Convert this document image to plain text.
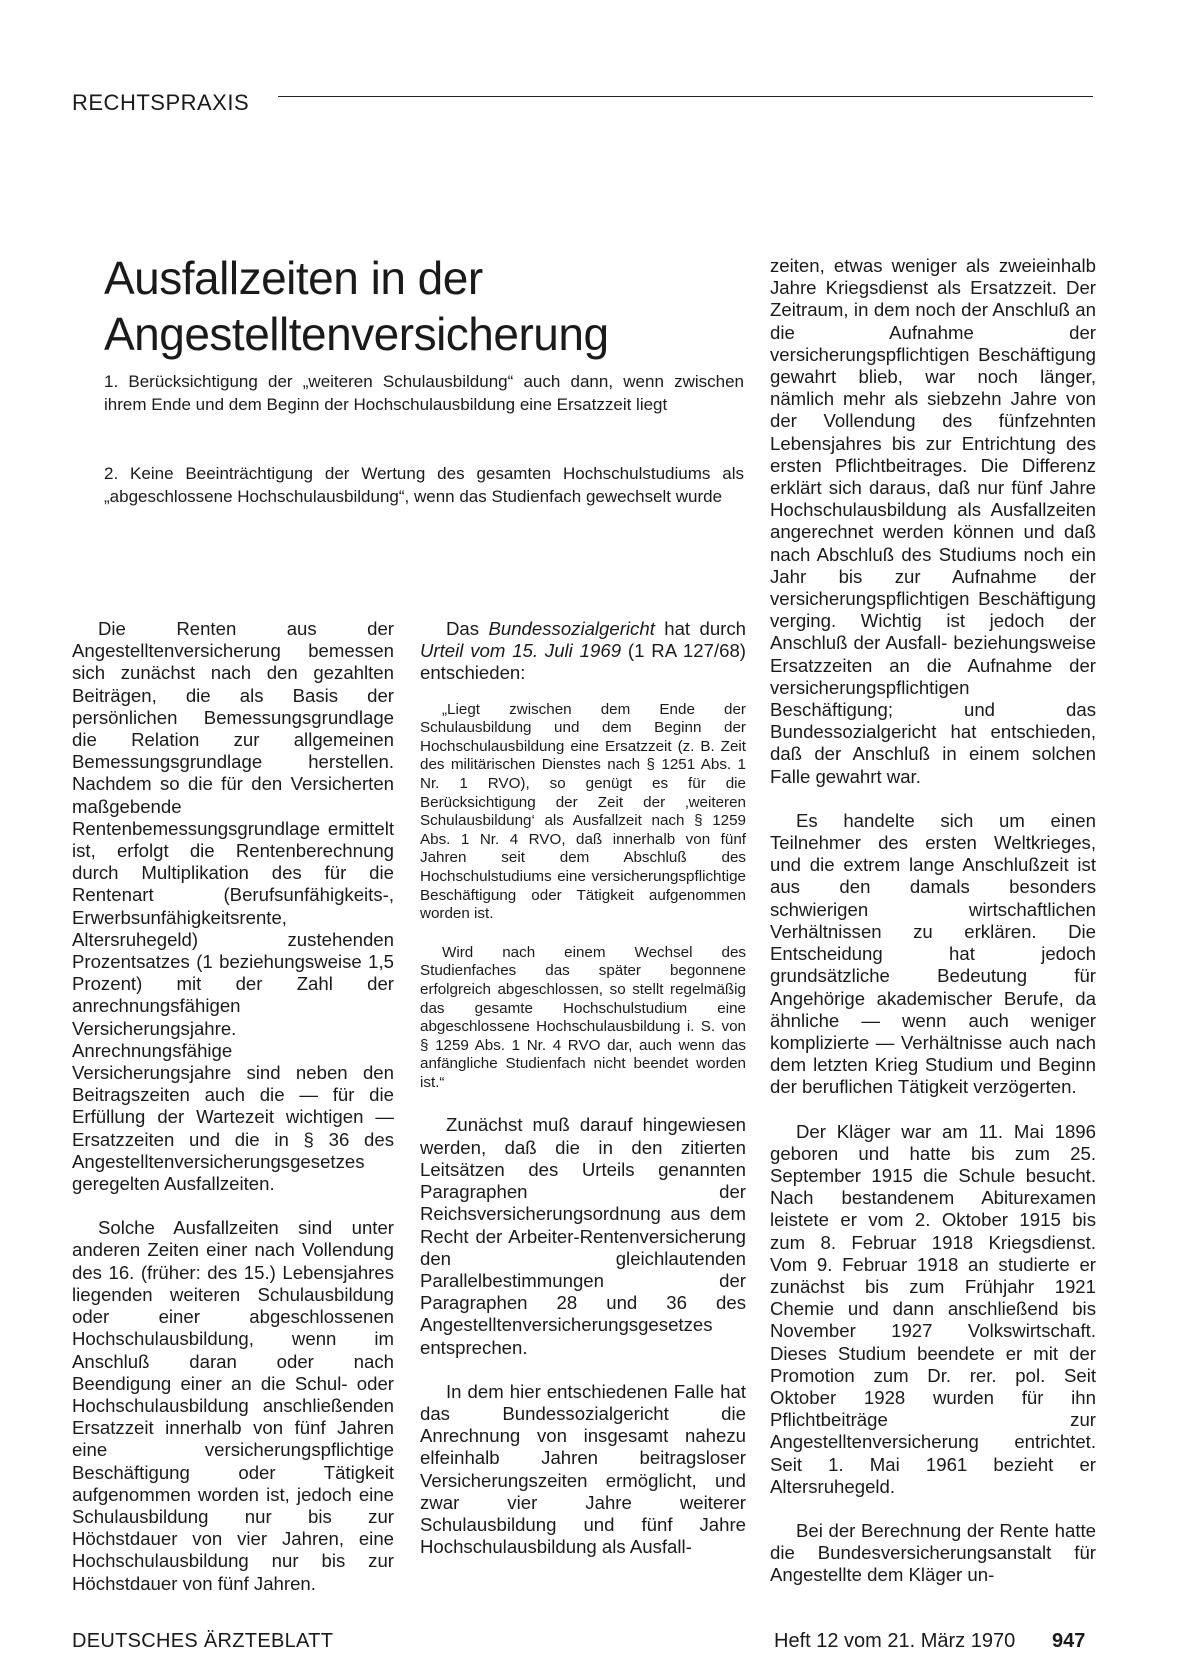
RECHTSPRAXIS
Ausfallzeiten in der
Angestelltenversicherung
1. Berücksichtigung der „weiteren Schulausbildung“ auch dann, wenn zwischen ihrem Ende und dem Beginn der Hochschulausbildung eine Ersatzzeit liegt
2. Keine Beeinträchtigung der Wertung des gesamten Hochschulstudiums als „abgeschlossene Hochschulausbildung“, wenn das Studienfach gewechselt wurde

Die Renten aus der Angestelltenversicherung bemessen sich zunächst nach den gezahlten Beiträgen, die als Basis der persönlichen Bemessungsgrundlage die Relation zur allgemeinen Bemessungsgrundlage herstellen. Nachdem so die für den Versicherten maßgebende Rentenbemessungsgrundlage ermittelt ist, erfolgt die Rentenberechnung durch Multiplikation des für die Rentenart (Berufsunfähigkeits-, Erwerbsunfähigkeitsrente, Altersruhegeld) zustehenden Prozentsatzes (1 beziehungsweise 1,5 Prozent) mit der Zahl der anrechnungsfähigen Versicherungsjahre. Anrechnungsfähige Versicherungsjahre sind neben den Beitragszeiten auch die — für die Erfüllung der Wartezeit wichtigen — Ersatzzeiten und die in § 36 des Angestelltenversicherungsgesetzes geregelten Ausfallzeiten.

Solche Ausfallzeiten sind unter anderen Zeiten einer nach Vollendung des 16. (früher: des 15.) Lebensjahres liegenden weiteren Schulausbildung oder einer abgeschlossenen Hochschulausbildung, wenn im Anschluß daran oder nach Beendigung einer an die Schul- oder Hochschulausbildung anschließenden Ersatzzeit innerhalb von fünf Jahren eine versicherungspflichtige Beschäftigung oder Tätigkeit aufgenommen worden ist, jedoch eine Schulausbildung nur bis zur Höchstdauer von vier Jahren, eine Hochschulausbildung nur bis zur Höchstdauer von fünf Jahren.

Das Bundessozialgericht hat durch Urteil vom 15. Juli 1969 (1 RA 127/68) entschieden:

„Liegt zwischen dem Ende der Schulausbildung und dem Beginn der Hochschulausbildung eine Ersatzzeit (z. B. Zeit des militärischen Dienstes nach § 1251 Abs. 1 Nr. 1 RVO), so genügt es für die Berücksichtigung der Zeit der ‚weiteren Schulausbildung‘ als Ausfallzeit nach § 1259 Abs. 1 Nr. 4 RVO, daß innerhalb von fünf Jahren seit dem Abschluß des Hochschulstudiums eine versicherungspflichtige Beschäftigung oder Tätigkeit aufgenommen worden ist.

Wird nach einem Wechsel des Studienfaches das später begonnene erfolgreich abgeschlossen, so stellt regelmäßig das gesamte Hochschulstudium eine abgeschlossene Hochschulausbildung i. S. von § 1259 Abs. 1 Nr. 4 RVO dar, auch wenn das anfängliche Studienfach nicht beendet worden ist.“

Zunächst muß darauf hingewiesen werden, daß die in den zitierten Leitsätzen des Urteils genannten Paragraphen der Reichsversicherungsordnung aus dem Recht der Arbeiter-Rentenversicherung den gleichlautenden Parallelbestimmungen der Paragraphen 28 und 36 des Angestelltenversicherungsgesetzes entsprechen.

In dem hier entschiedenen Falle hat das Bundessozialgericht die Anrechnung von insgesamt nahezu elfeinhalb Jahren beitragsloser Versicherungszeiten ermöglicht, und zwar vier Jahre weiterer Schulausbildung und fünf Jahre Hochschulausbildung als Ausfall-

zeiten, etwas weniger als zweieinhalb Jahre Kriegsdienst als Ersatzzeit. Der Zeitraum, in dem noch der Anschluß an die Aufnahme der versicherungspflichtigen Beschäftigung gewahrt blieb, war noch länger, nämlich mehr als siebzehn Jahre von der Vollendung des fünfzehnten Lebensjahres bis zur Entrichtung des ersten Pflichtbeitrages. Die Differenz erklärt sich daraus, daß nur fünf Jahre Hochschulausbildung als Ausfallzeiten angerechnet werden können und daß nach Abschluß des Studiums noch ein Jahr bis zur Aufnahme der versicherungspflichtigen Beschäftigung verging. Wichtig ist jedoch der Anschluß der Ausfall- beziehungsweise Ersatzzeiten an die Aufnahme der versicherungspflichtigen Beschäftigung; und das Bundessozialgericht hat entschieden, daß der Anschluß in einem solchen Falle gewahrt war.

Es handelte sich um einen Teilnehmer des ersten Weltkrieges, und die extrem lange Anschlußzeit ist aus den damals besonders schwierigen wirtschaftlichen Verhältnissen zu erklären. Die Entscheidung hat jedoch grundsätzliche Bedeutung für Angehörige akademischer Berufe, da ähnliche — wenn auch weniger komplizierte — Verhältnisse auch nach dem letzten Krieg Studium und Beginn der beruflichen Tätigkeit verzögerten.

Der Kläger war am 11. Mai 1896 geboren und hatte bis zum 25. September 1915 die Schule besucht. Nach bestandenem Abiturexamen leistete er vom 2. Oktober 1915 bis zum 8. Februar 1918 Kriegsdienst. Vom 9. Februar 1918 an studierte er zunächst bis zum Frühjahr 1921 Chemie und dann anschließend bis November 1927 Volkswirtschaft. Dieses Studium beendete er mit der Promotion zum Dr. rer. pol. Seit Oktober 1928 wurden für ihn Pflichtbeiträge zur Angestelltenversicherung entrichtet. Seit 1. Mai 1961 bezieht er Altersruhegeld.

Bei der Berechnung der Rente hatte die Bundesversicherungsanstalt für Angestellte dem Kläger un-

DEUTSCHES ÄRZTEBLATT	Heft 12 vom 21. März 1970 947
